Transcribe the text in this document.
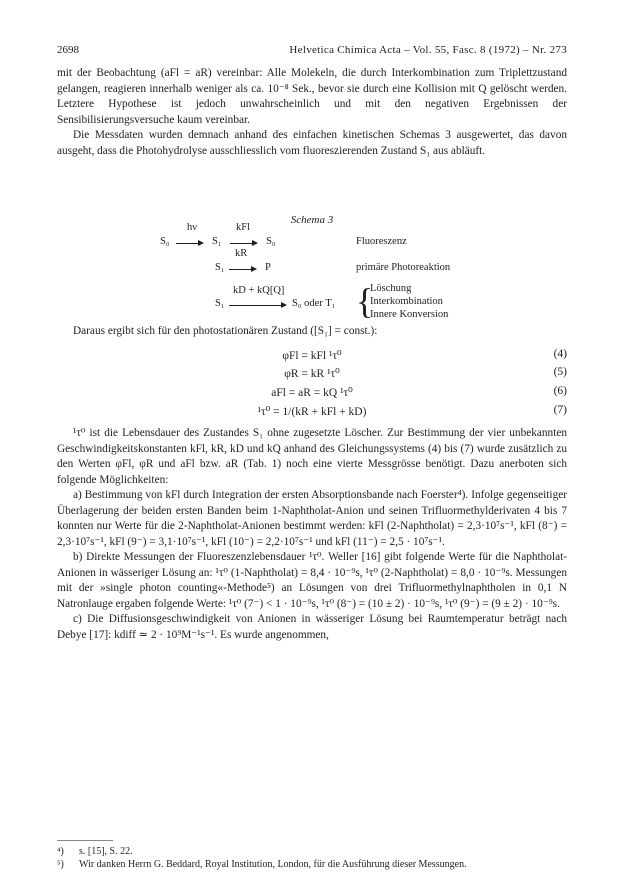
2698	Helvetica Chimica Acta – Vol. 55, Fasc. 8 (1972) – Nr. 273

mit der Beobachtung (aFl = aR) vereinbar: Alle Molekeln, die durch Interkombination zum Triplettzustand gelangen, reagieren innerhalb weniger als ca. 10⁻⁸ Sek., bevor sie durch eine Kollision mit Q gelöscht werden. Letztere Hypothese ist jedoch unwahrscheinlich und mit den negativen Ergebnissen der Sensibilisierungsversuche kaum vereinbar.

Die Messdaten wurden demnach anhand des einfachen kinetischen Schemas 3 ausgewertet, das davon ausgeht, dass die Photohydrolyse ausschliesslich vom fluoreszierenden Zustand S₁ aus abläuft.

Schema 3
S₀
hν
S₁
kFl
S₀	Fluoreszenz
S₁
kR
P	primäre Photoreaktion
S₁
kD + kQ[Q]
S₀ oder T₁ {
Löschung
Interkombination
Innere Konversion

Daraus ergibt sich für den photostationären Zustand ([S₁] = const.):

φFl = kFl ¹τ⁰	(4)
φR = kR ¹τ⁰	(5)
aFl = aR = kQ ¹τ⁰	(6)
¹τ⁰ = 1/(kR + kFl + kD)	(7)

¹τ⁰ ist die Lebensdauer des Zustandes S₁ ohne zugesetzte Löscher. Zur Bestimmung der vier unbekannten Geschwindigkeitskonstanten kFl, kR, kD und kQ anhand des Gleichungssystems (4) bis (7) wurde zusätzlich zu den Werten φFl, φR und aFl bzw. aR (Tab. 1) noch eine vierte Messgrösse benötigt. Dazu anerboten sich folgende Möglichkeiten:

a) Bestimmung von kFl durch Integration der ersten Absorptionsbande nach Foerster⁴). Infolge gegenseitiger Überlagerung der beiden ersten Banden beim 1-Naphtholat-Anion und seinen Trifluormethylderivaten 4 bis 7 konnten nur Werte für die 2-Naphtholat-Anionen bestimmt werden: kFl (2-Naphtholat) = 2,3·10⁷s⁻¹, kFl (8⁻) = 2,3·10⁷s⁻¹, kFl (9⁻) = 3,1·10⁷s⁻¹, kFl (10⁻) = 2,2·10⁷s⁻¹ und kFl (11⁻) = 2,5 · 10⁷s⁻¹.

b) Direkte Messungen der Fluoreszenzlebensdauer ¹τ⁰. Weller [16] gibt folgende Werte für die Naphtholat-Anionen in wässeriger Lösung an: ¹τ⁰ (1-Naphtholat) = 8,4 · 10⁻⁹s, ¹τ⁰ (2-Naphtholat) = 8,0 · 10⁻⁹s. Messungen mit der »single photon counting«-Methode⁵) an Lösungen von drei Trifluormethylnaphtholen in 0,1 N Natronlauge ergaben folgende Werte: ¹τ⁰ (7⁻) < 1 · 10⁻⁹s, ¹τ⁰ (8⁻) = (10 ± 2) · 10⁻⁹s, ¹τ⁰ (9⁻) = (9 ± 2) · 10⁻⁹s.

c) Die Diffusionsgeschwindigkeit von Anionen in wässeriger Lösung bei Raumtemperatur beträgt nach Debye [17]: kdiff ≃ 2 · 10⁹M⁻¹s⁻¹. Es wurde angenommen,

⁴) s. [15], S. 22.
⁵) Wir danken Herrn G. Beddard, Royal Institution, London, für die Ausführung dieser Messungen.
